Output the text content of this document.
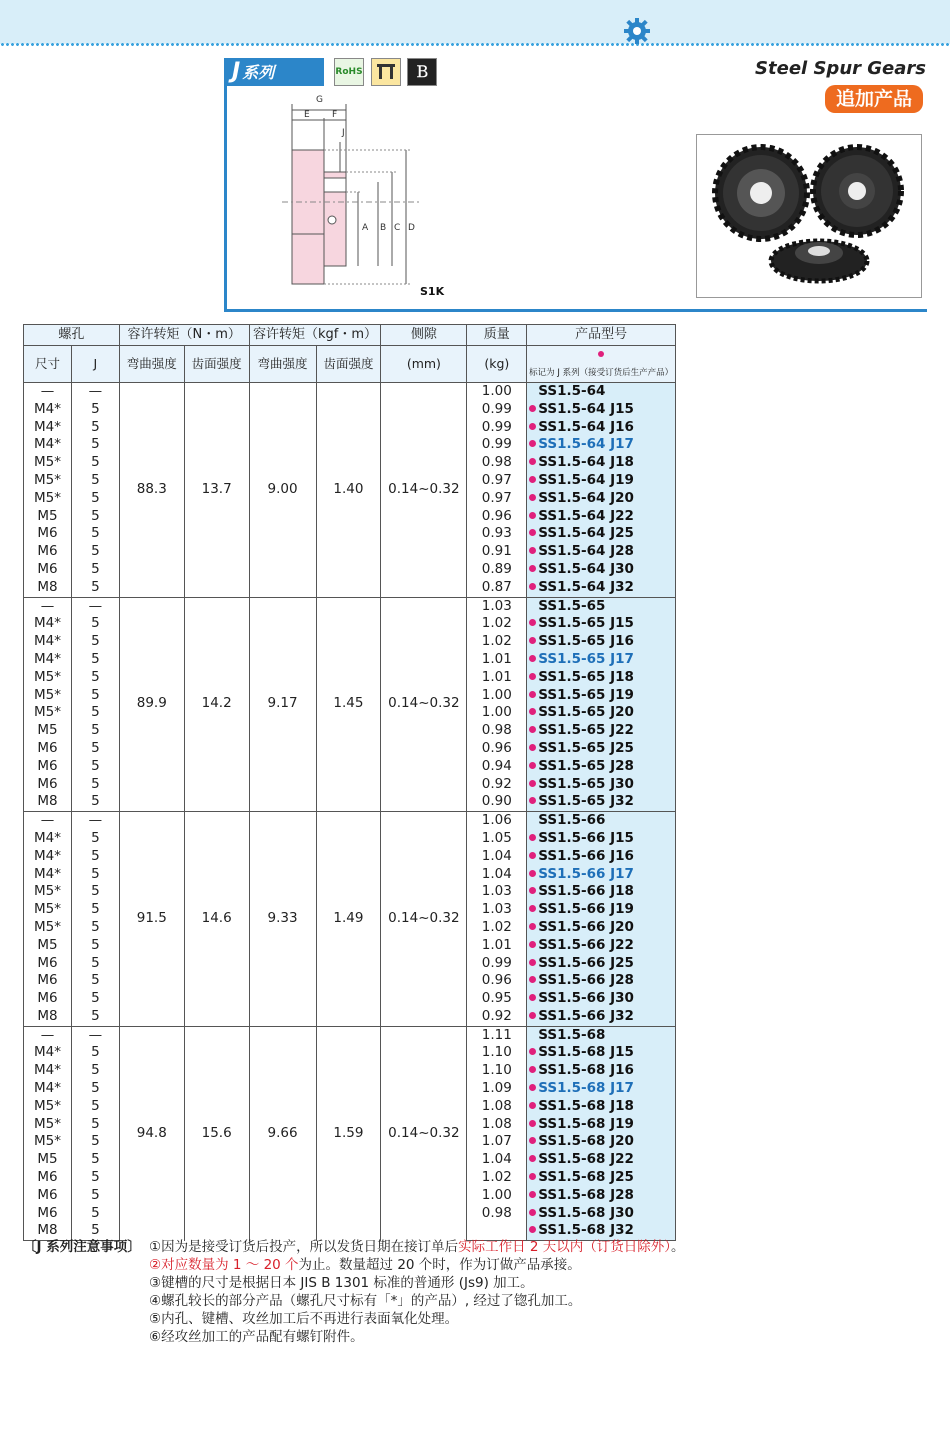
J 系列	RoHS	Ｂ	Steel Spur Gears
追加产品
G
E F
J
A B C D
S1K
螺孔		容许转矩（N・m）		容许转矩（kgf・m）		侧隙	质量	产品型号
尺寸	J	弯曲强度	齿面强度	弯曲强度	齿面强度	(mm)	(kg)	标记为 J 系列（接受订货后生产产品）
—	—	88.3	13.7	9.00	1.40	0.14~0.32	1.00	SS1.5-64
M4*	5						0.99	SS1.5-64 J15
M4*	5						0.99	SS1.5-64 J16
M4*	5						0.99	SS1.5-64 J17
M5*	5						0.98	SS1.5-64 J18
M5*	5						0.97	SS1.5-64 J19
M5*	5						0.97	SS1.5-64 J20
M5	5						0.96	SS1.5-64 J22
M6	5						0.93	SS1.5-64 J25
M6	5						0.91	SS1.5-64 J28
M6	5						0.89	SS1.5-64 J30
M8	5						0.87	SS1.5-64 J32
—	—	89.9	14.2	9.17	1.45	0.14~0.32	1.03	SS1.5-65
M4*	5						1.02	SS1.5-65 J15
M4*	5						1.02	SS1.5-65 J16
M4*	5						1.01	SS1.5-65 J17
M5*	5						1.01	SS1.5-65 J18
M5*	5						1.00	SS1.5-65 J19
M5*	5						1.00	SS1.5-65 J20
M5	5						0.98	SS1.5-65 J22
M6	5						0.96	SS1.5-65 J25
M6	5						0.94	SS1.5-65 J28
M6	5						0.92	SS1.5-65 J30
M8	5						0.90	SS1.5-65 J32
—	—	91.5	14.6	9.33	1.49	0.14~0.32	1.06	SS1.5-66
M4*	5						1.05	SS1.5-66 J15
M4*	5						1.04	SS1.5-66 J16
M4*	5						1.04	SS1.5-66 J17
M5*	5						1.03	SS1.5-66 J18
M5*	5						1.03	SS1.5-66 J19
M5*	5						1.02	SS1.5-66 J20
M5	5						1.01	SS1.5-66 J22
M6	5						0.99	SS1.5-66 J25
M6	5						0.96	SS1.5-66 J28
M6	5						0.95	SS1.5-66 J30
M8	5						0.92	SS1.5-66 J32
—	—	94.8	15.6	9.66	1.59	0.14~0.32	1.11	SS1.5-68
M4*	5						1.10	SS1.5-68 J15
M4*	5						1.10	SS1.5-68 J16
M4*	5						1.09	SS1.5-68 J17
M5*	5						1.08	SS1.5-68 J18
M5*	5						1.08	SS1.5-68 J19
M5*	5						1.07	SS1.5-68 J20
M5	5						1.04	SS1.5-68 J22
M6	5						1.02	SS1.5-68 J25
M6	5						1.00	SS1.5-68 J28
M6	5						0.98	SS1.5-68 J30
M8	5							SS1.5-68 J32
〔J 系列注意事项〕 ①因为是接受订货后投产，所以发货日期在接订单后实际工作日 2 天以内（订货日除外）。
②对应数量为 1 ～ 20 个为止。数量超过 20 个时，作为订做产品承接。
③键槽的尺寸是根据日本 JIS B 1301 标准的普通形 (Js9) 加工。
④螺孔较长的部分产品（螺孔尺寸标有「*」的产品）, 经过了锪孔加工。
⑤内孔、键槽、攻丝加工后不再进行表面氧化处理。
⑥经攻丝加工的产品配有螺钉附件。
